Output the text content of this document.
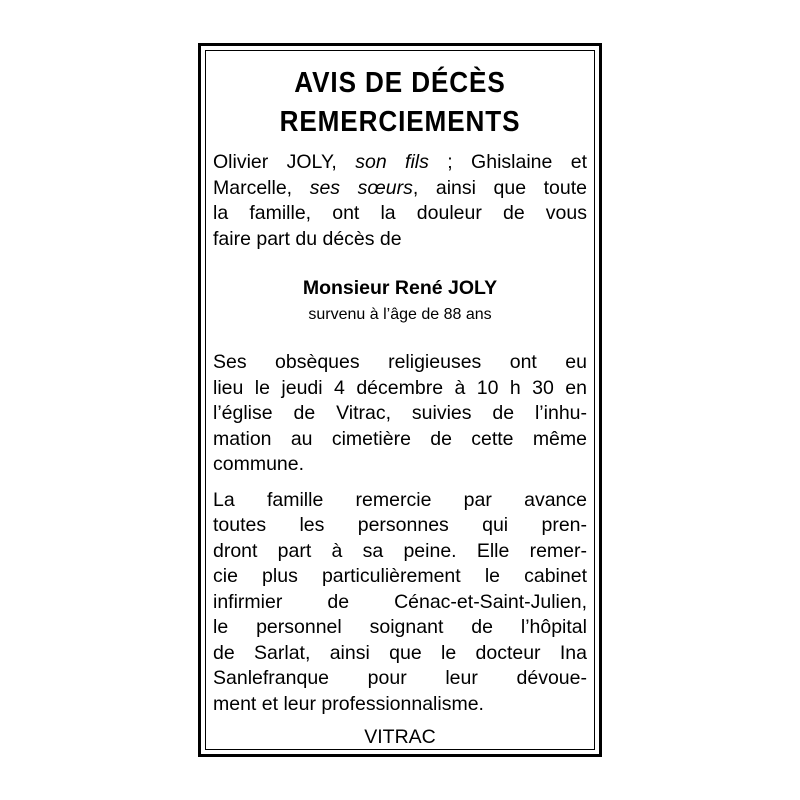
AVIS DE DÉCÈS
REMERCIEMENTS

Olivier JOLY, son fils ; Ghislaine et
Marcelle, ses sœurs, ainsi que toute
la famille, ont la douleur de vous
faire part du décès de

Monsieur René JOLY

survenu à l’âge de 88 ans

Ses obsèques religieuses ont eu
lieu le jeudi 4 décembre à 10 h 30 en
l’église de Vitrac, suivies de l’inhu-
mation au cimetière de cette même
commune.

La famille remercie par avance
toutes les personnes qui pren-
dront part à sa peine. Elle remer-
cie plus particulièrement le cabinet
infirmier de Cénac-et-Saint-Julien,
le personnel soignant de l’hôpital
de Sarlat, ainsi que le docteur Ina
Sanlefranque pour leur dévoue-
ment et leur professionnalisme.

VITRAC
